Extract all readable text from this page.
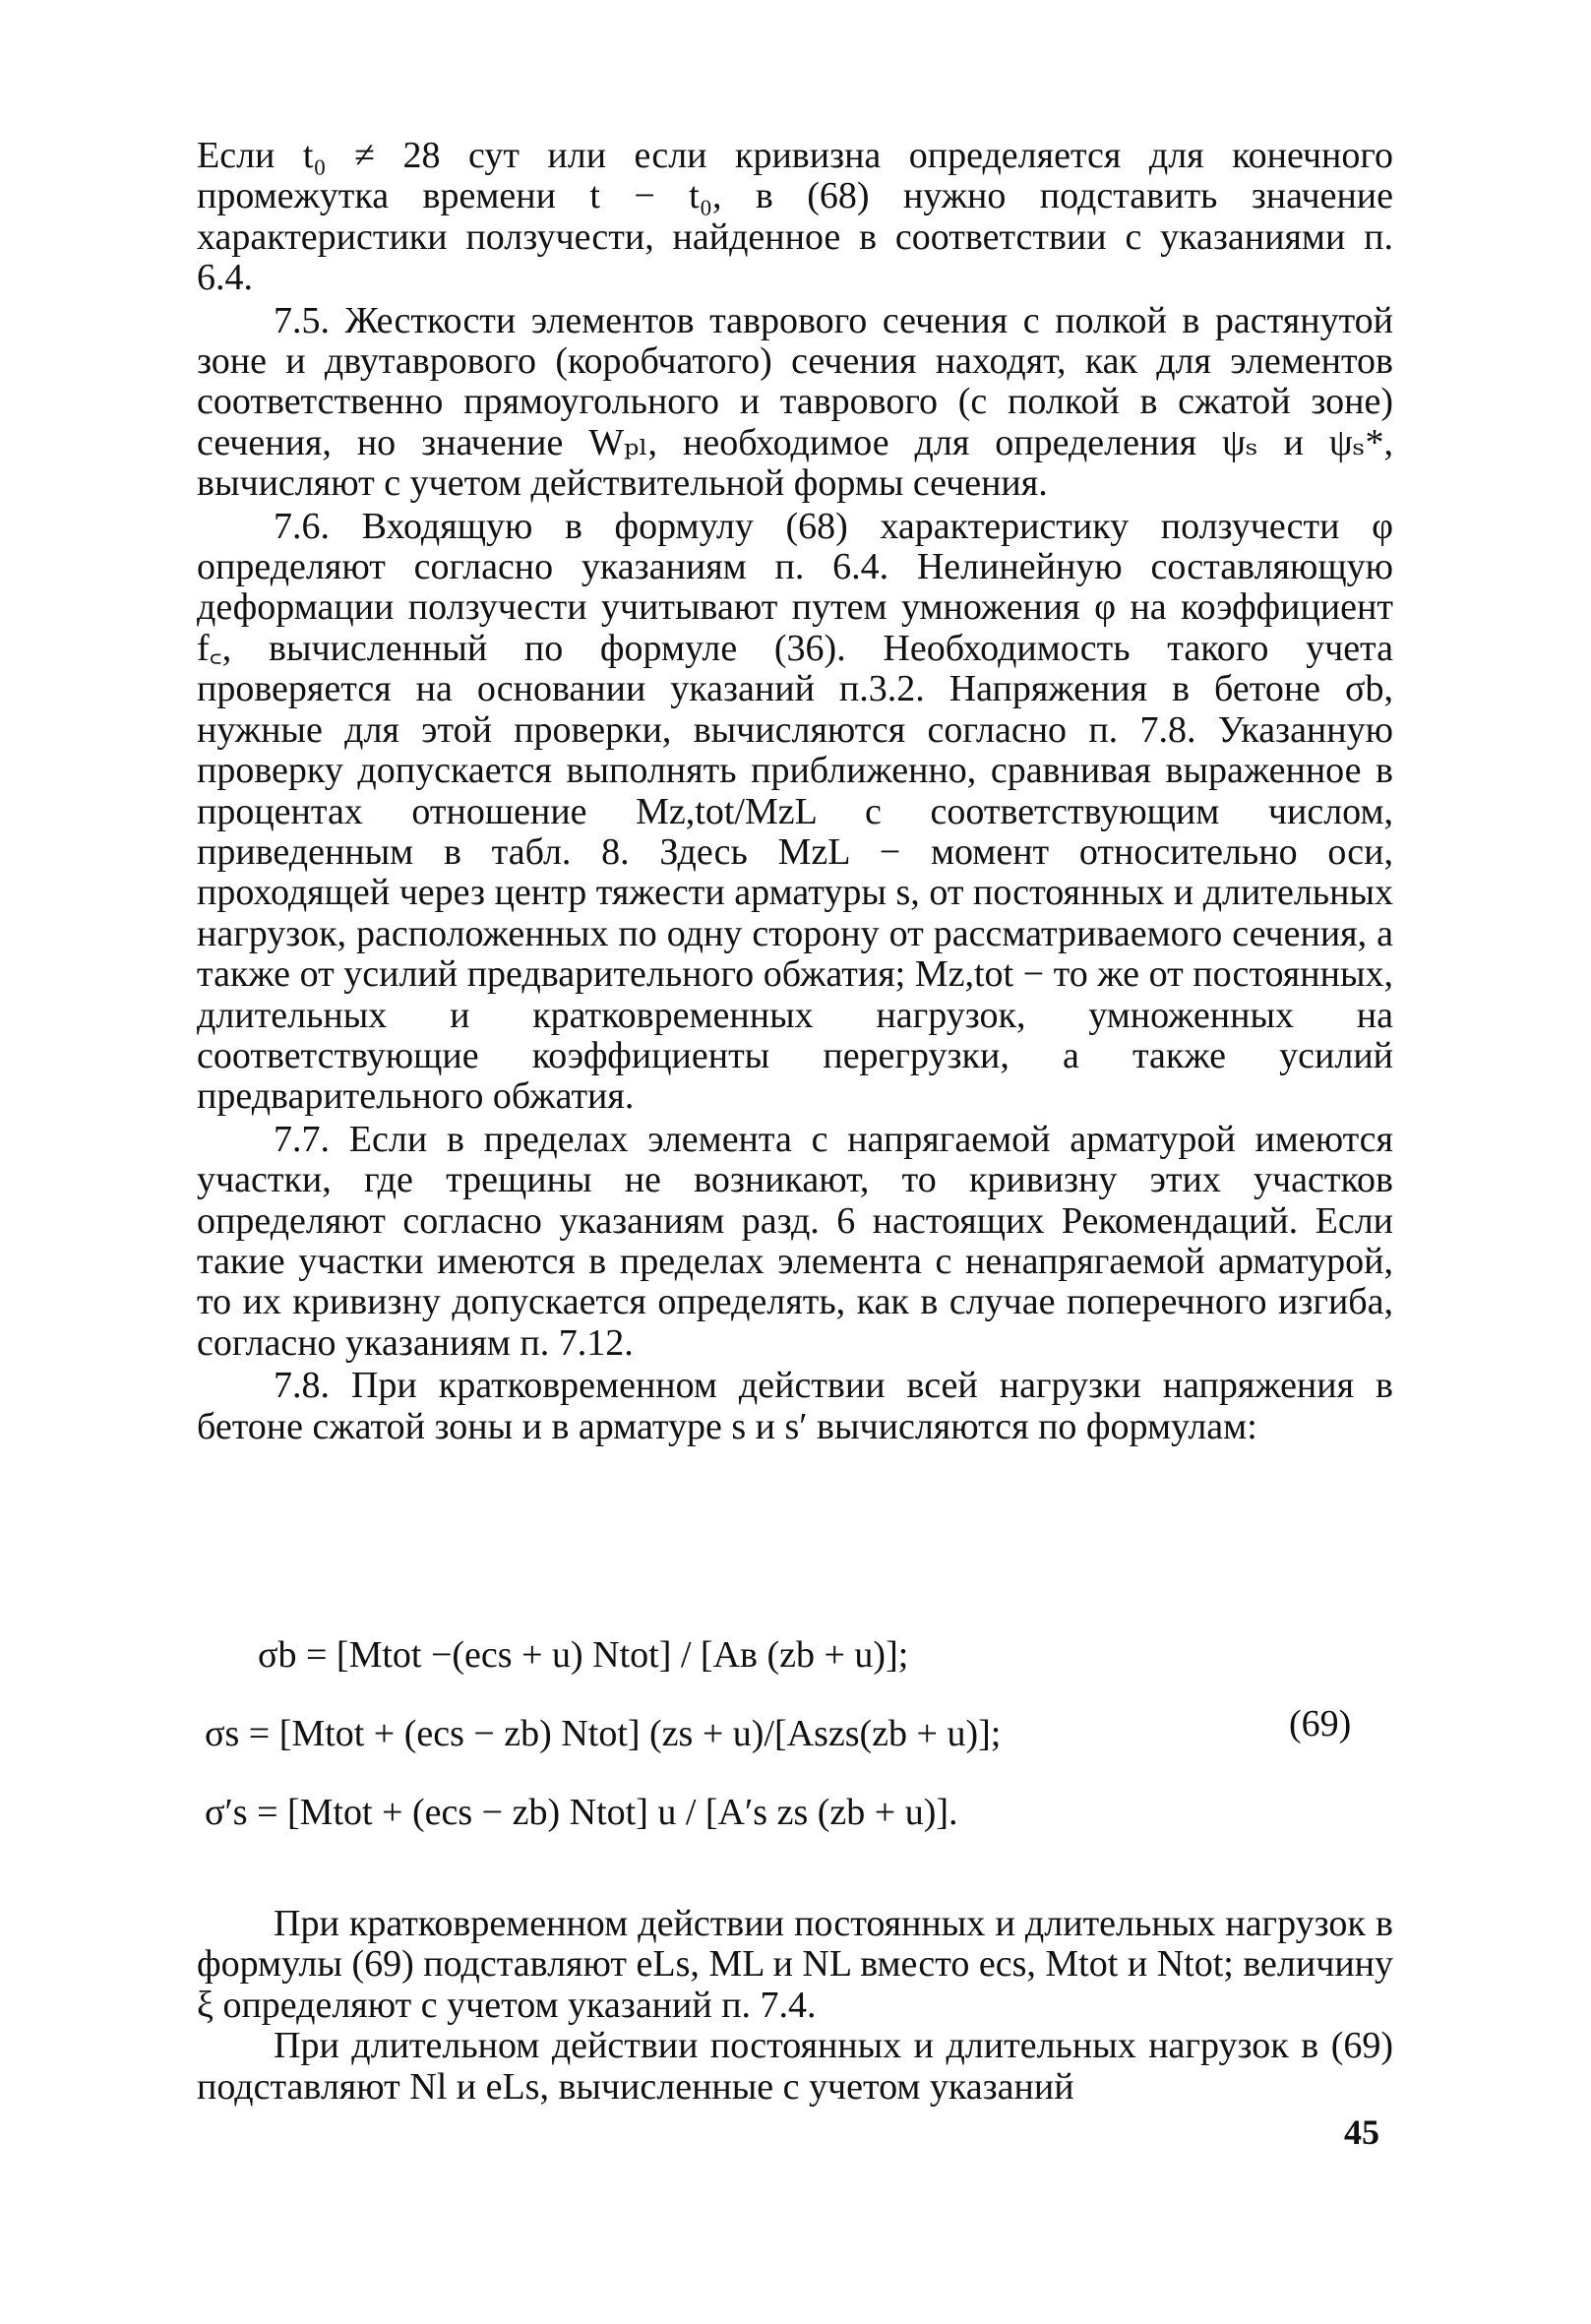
Если t₀ ≠ 28 сут или если кривизна определяется для конечного промежутка времени t − t₀, в (68) нужно подставить значение характеристики ползучести, найденное в соответствии с указаниями п. 6.4.

7.5. Жесткости элементов таврового сечения с полкой в растянутой зоне и двутаврового (коробчатого) сечения находят, как для элементов соответственно прямоугольного и таврового (с полкой в сжатой зоне) сечения, но значение Wₚₗ, необходимое для определения ψₛ и ψₛ*, вычисляют с учетом действительной формы сечения.

7.6. Входящую в формулу (68) характеристику ползучести φ определяют согласно указаниям п. 6.4. Нелинейную составляющую деформации ползучести учитывают путем умножения φ на коэффициент f꜀, вычисленный по формуле (36). Необходимость такого учета проверяется на основании указаний п.3.2. Напряжения в бетоне σb, нужные для этой проверки, вычисляются согласно п. 7.8. Указанную проверку допускается выполнять приближенно, сравнивая выраженное в процентах отношение Mz,tot/MzL с соответствующим числом, приведенным в табл. 8. Здесь MzL − момент относительно оси, проходящей через центр тяжести арматуры s, от постоянных и длительных нагрузок, расположенных по одну сторону от рассматриваемого сечения, а также от усилий предварительного обжатия; Mz,tot − то же от постоянных, длительных и кратковременных нагрузок, умноженных на соответствующие коэффициенты перегрузки, а также усилий предварительного обжатия.

7.7. Если в пределах элемента с напрягаемой арматурой имеются участки, где трещины не возникают, то кривизну этих участков определяют согласно указаниям разд. 6 настоящих Рекомендаций. Если такие участки имеются в пределах элемента с ненапрягаемой арматурой, то их кривизну допускается определять, как в случае поперечного изгиба, согласно указаниям п. 7.12.

7.8. При кратковременном действии всей нагрузки напряжения в бетоне сжатой зоны и в арматуре s и s′ вычисляются по формулам:

σb = [Mtot −(ecs + u) Ntot] / [Aв (zb + u)];
σs = [Mtot + (ecs − zb) Ntot] (zs + u)/[Aszs(zb + u)];
σ′s = [Mtot + (ecs − zb) Ntot] u / [A′s zs (zb + u)].
(69)

При кратковременном действии постоянных и длительных нагрузок в формулы (69) подставляют eLs, ML и NL вместо ecs, Mtot и Ntot; величину ξ определяют с учетом указаний п. 7.4.

При длительном действии постоянных и длительных нагрузок в (69) подставляют Nl и eLs, вычисленные с учетом указаний

45
